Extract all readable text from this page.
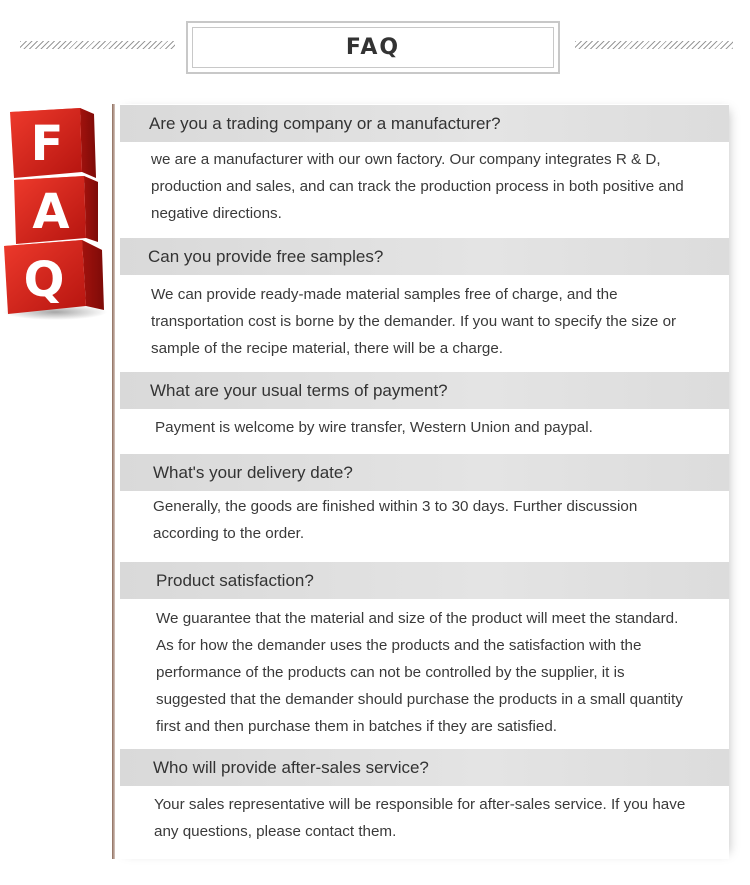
FAQ
F
A
Q
Are you a trading company or a manufacturer?
we are a manufacturer with our own factory. Our company integrates R & D, production and sales, and can track the production process in both positive and negative directions.
Can you provide free samples?
We can provide ready-made material samples free of charge, and the transportation cost is borne by the demander. If you want to specify the size or sample of the recipe material, there will be a charge.
What are your usual terms of payment?
Payment is welcome by wire transfer, Western Union and paypal.
What's your delivery date?
Generally, the goods are finished within 3 to 30 days. Further discussion according to the order.
Product satisfaction?
We guarantee that the material and size of the product will meet the standard. As for how the demander uses the products and the satisfaction with the performance of the products can not be controlled by the supplier, it is suggested that the demander should purchase the products in a small quantity first and then purchase them in batches if they are satisfied.
Who will provide after-sales service?
Your sales representative will be responsible for after-sales service. If you have any questions, please contact them.
